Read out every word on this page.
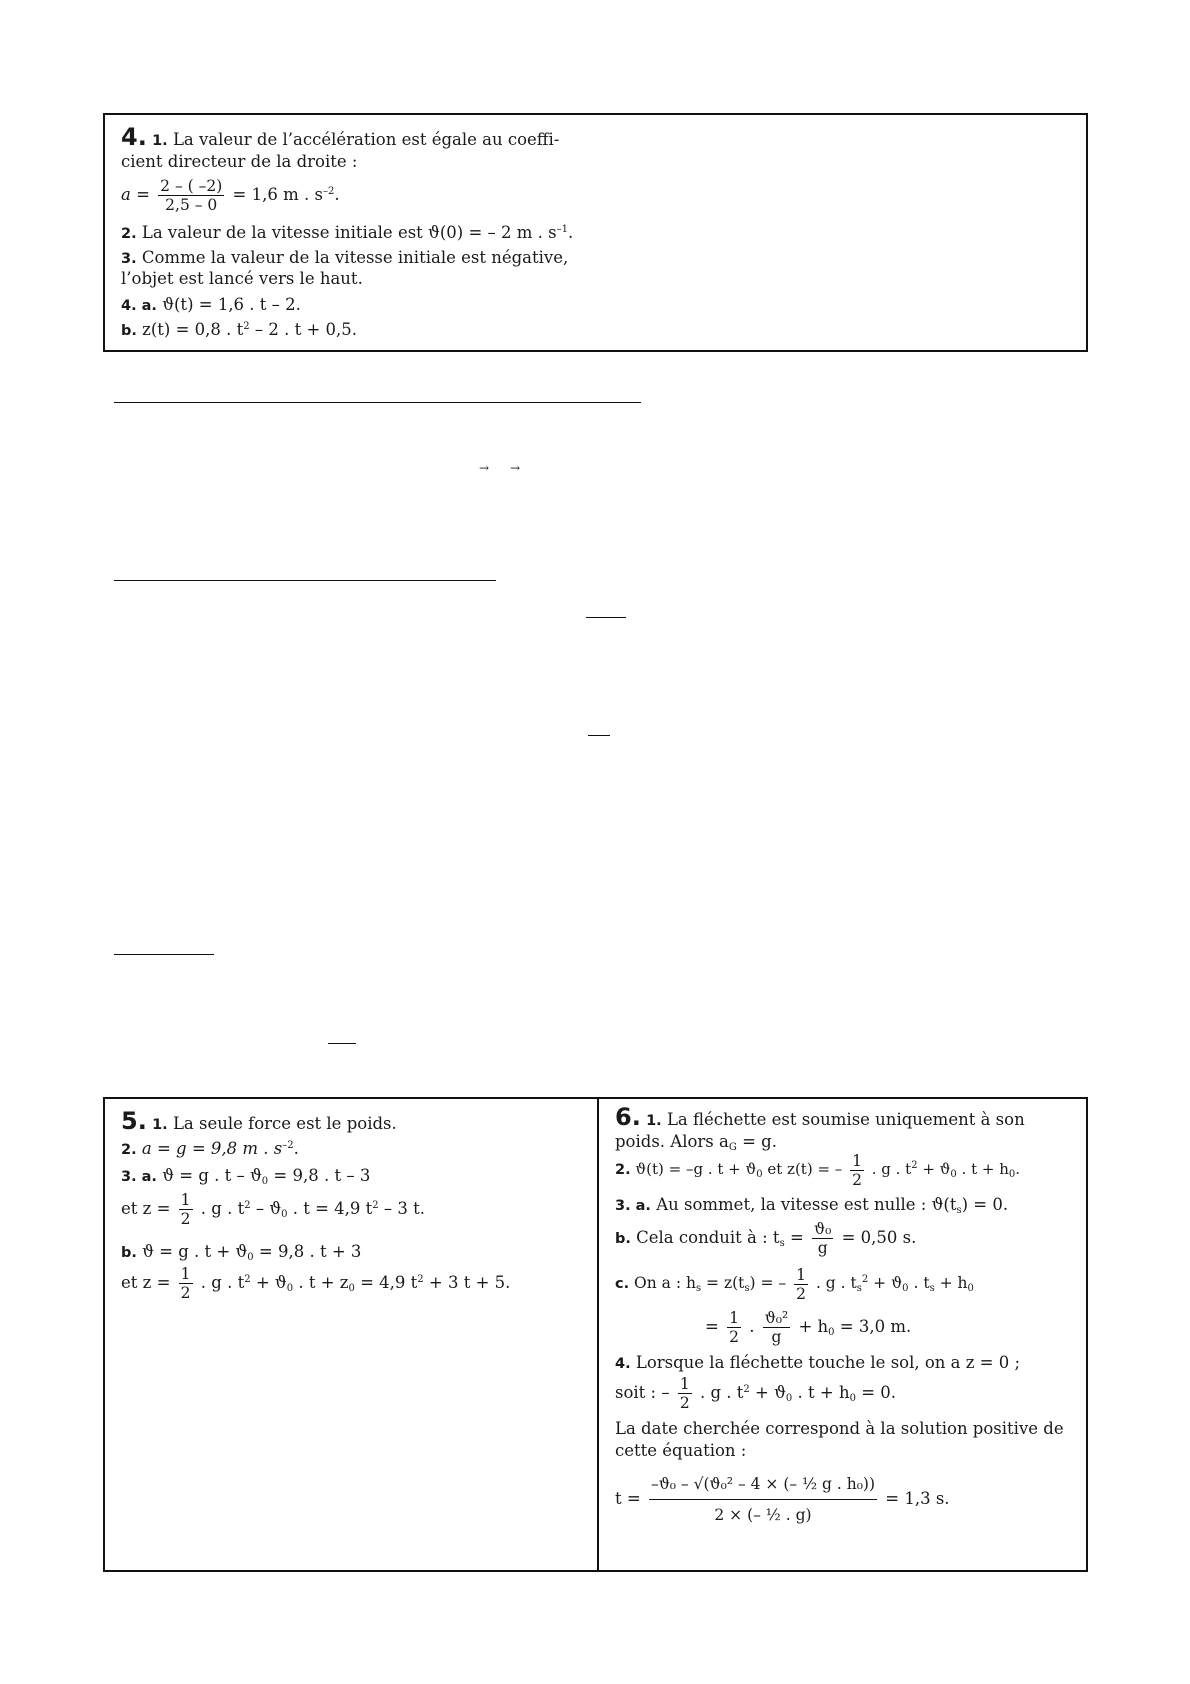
4. 1. La valeur de l’accélération est égale au coeffi-
cient directeur de la droite :
$a = \frac{2 - ( -2)}{2,5 - 0} = 1,6$ m . $s^{-2}$.
2. La valeur de la vitesse initiale est ϑ(0) = – 2 m . $s^{-1}$.
3. Comme la valeur de la vitesse initiale est négative,
l’objet est lancé vers le haut.
4. a. ϑ(t) = 1,6 . t – 2.
b. z(t) = 0,8 . $t^2 - 2$ . t + 0,5.
→ →
5. 1. La seule force est le poids.
2. a = g = 9,8 m . $s^{-2}$.
3. a. ϑ = g . $t - ϑ_0 = 9,8$ . t – 3
et $z = \frac{1}{2}$ . g . $t^2 - ϑ_0$ . t = 4,9 $t^2 - 3$ t.
b. ϑ = g . $t + ϑ_0 = 9,8$ . t + 3
et $z = \frac{1}{2}$ . g . $t^2 + ϑ_0$ . $t + z_0 = 4,9$ $t^2 + 3$ t + 5.
6. 1. La fléchette est soumise uniquement à son
poids. Alors $a_G = g$.
2. ϑ(t) = –g . $t + ϑ_0$ et z(t) = – $\frac{1}{2}$ . g . $t^2 + ϑ_0$ . $t + h_0$.
3. a. Au sommet, la vitesse est nulle : $ϑ(t_s) = 0$.
b. Cela conduit à : $t_s = \frac{\text{ϑ₀}}{g} = 0,50$ s.
c. On a : $h_s = z(t_s)$ = – $\frac{1}{2}$ . g . $t_s^2 + ϑ_0$ . $t_s + h_0$
= $\frac{1}{2}$ . $\frac{\text{ϑ₀²}}{g} + h_0 = 3,0$ m.
4. Lorsque la fléchette touche le sol, on a z = 0 ;
soit : – $\frac{1}{2}$ . g . $t^2 + ϑ_0$ . $t + h_0 = 0$.
La date cherchée correspond à la solution positive de
cette équation :
$t = \frac{\text{–ϑ₀ – √(ϑ₀² – 4 × (– ½ g . h₀))}}{\text{2 × (– ½ . g)}} = 1,3$ s.
